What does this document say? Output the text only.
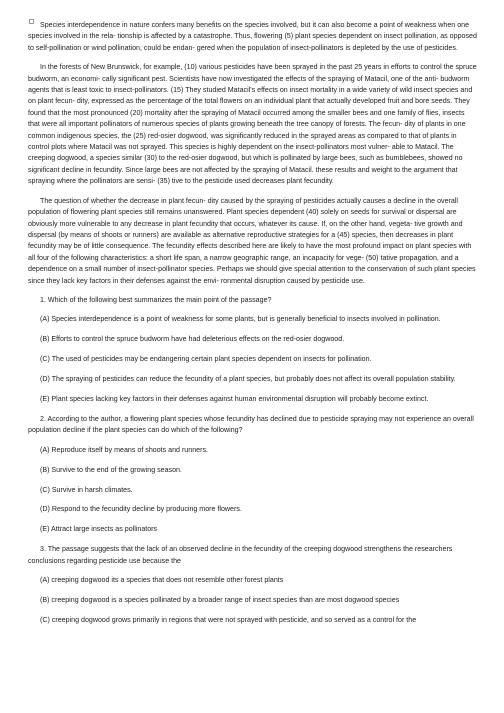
Species interdependence in nature confers many benefits on the species involved, but it can also become a point of weakness when one species involved in the rela- tionship is affected by a catastrophe. Thus, flowering (5) plant species dependent on insect pollination, as opposed to self-pollination or wind pollination, could be endan- gered when the population of insect-pollinators is depleted by the use of pesticides.

In the forests of New Brunswick, for example, (10) various pesticides have been sprayed in the past 25 years in efforts to control the spruce budworm, an economi- cally significant pest. Scientists have now investigated the effects of the spraying of Matacil, one of the anti- budworm agents that is least toxic to insect-pollinators. (15) They studied Matacil's effects on insect mortality in a wide variety of wild insect species and on plant fecun- dity, expressed as the percentage of the total flowers on an individual plant that actually developed fruit and bore seeds. They found that the most pronounced (20) mortality after the spraying of Matacil occurred among the smaller bees and one family of flies, insects that were all important pollinators of numerous species of plants growing beneath the tree canopy of forests. The fecun- dity of plants in one common indigenous species, the (25) red-osier dogwood, was significantly reduced in the sprayed areas as compared to that of plants in control plots where Matacil was not sprayed. This species is highly dependent on the insect-pollinators most vulner- able to Matacil. The creeping dogwood, a species similar (30) to the red-osier dogwood, but which is pollinated by large bees, such as bumblebees, showed no significant decline in fecundity. Since large bees are not affected by the spraying of Matacil. these results and weight to the argument that spraying where the pollinators are sensi- (35) tive to the pesticide used decreases plant fecundity.

The question of whether the decrease in plant fecun- dity caused by the spraying of pesticides actually causes a decline in the overall population of flowering plant species still remains unanswered. Plant species dependent (40) solely on seeds for survival or dispersal are obviously more vulnerable to any decrease in plant fecundity that occurs, whatever its cause. If, on the other hand, vegeta- tive growth and dispersal (by means of shoots or runners) are available as alternative reproductive strategies for a (45) species, then decreases in plant fecundity may be of little consequence. The fecundity effects described here are likely to have the most profound impact on plant species with all four of the following characteristics: a short life span, a narrow geographic range, an incapacity for vege- (50) tative propagation, and a dependence on a small number of insect-pollinator species. Perhaps we should give special attention to the conservation of such plant species since they lack key factors in their defenses against the envi- ronmental disruption caused by pesticide use.

1. Which of the following best summarizes the main point of the passage?

(A) Species interdependence is a point of weakness for some plants, but is generally beneficial to insects involved in pollination.

(B) Efforts to control the spruce budworm have had deleterious effects on the red-osier dogwood.

(C) The used of pesticides may be endangering certain plant species dependent on insects for pollination.

(D) The spraying of pesticides can reduce the fecundity of a plant species, but probably does not affect its overall population stability.

(E) Plant species lacking key factors in their defenses against human environmental disruption will probably become extinct.

2. According to the author, a flowering plant species whose fecundity has declined due to pesticide spraying may not experience an overall population decline if the plant species can do which of the following?

(A) Reproduce itself by means of shoots and runners.

(B) Survive to the end of the growing season.

(C) Survive in harsh climates.

(D) Respond to the fecundity decline by producing more flowers.

(E) Attract large insects as pollinators

3. The passage suggests that the lack of an observed decline in the fecundity of the creeping dogwood strengthens the researchers conclusions regarding pesticide use because the

(A) creeping dogwood its a species that does not resemble other forest plants

(B) creeping dogwood is a species pollinated by a broader range of insect species than are most dogwood species

(C) creeping dogwood grows primarily in regions that were not sprayed with pesticide, and so served as a control for the
